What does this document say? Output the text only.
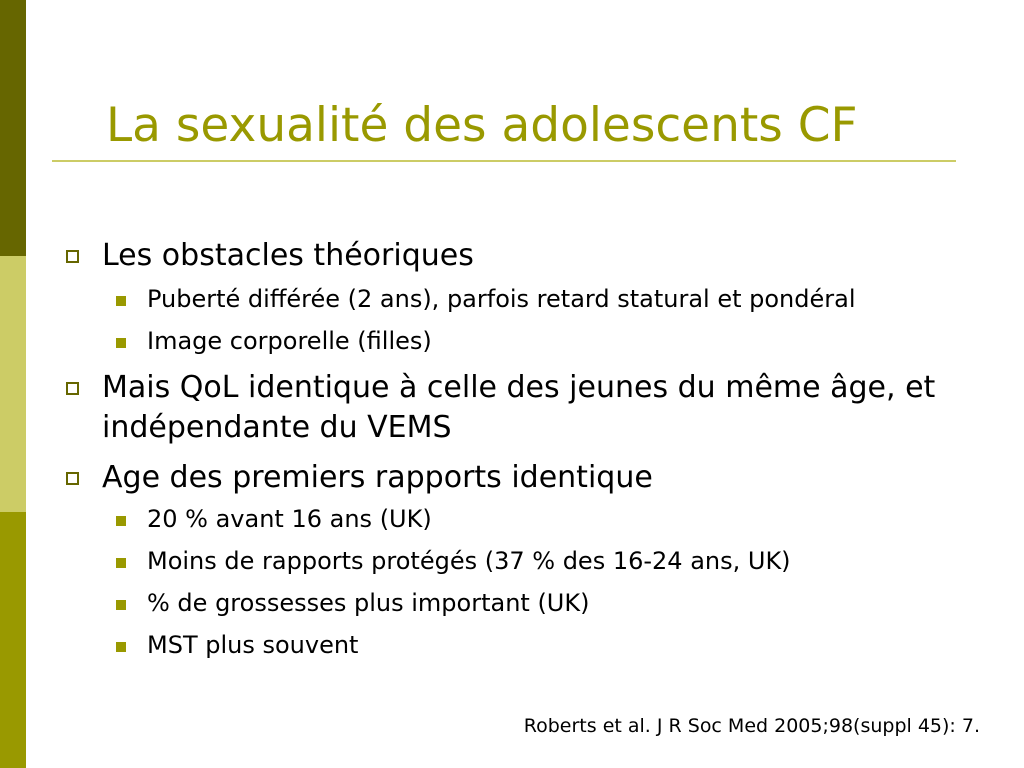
La sexualité des adolescents CF
Les obstacles théoriques
Puberté différée (2 ans), parfois retard statural et pondéral
Image corporelle (filles)
Mais QoL identique à celle des jeunes du même âge, et indépendante du VEMS
Age des premiers rapports identique
20 % avant 16 ans (UK)
Moins de rapports protégés (37 % des 16-24 ans, UK)
% de grossesses plus important (UK)
MST plus souvent
Roberts et al. J R Soc Med 2005;98(suppl 45): 7.
